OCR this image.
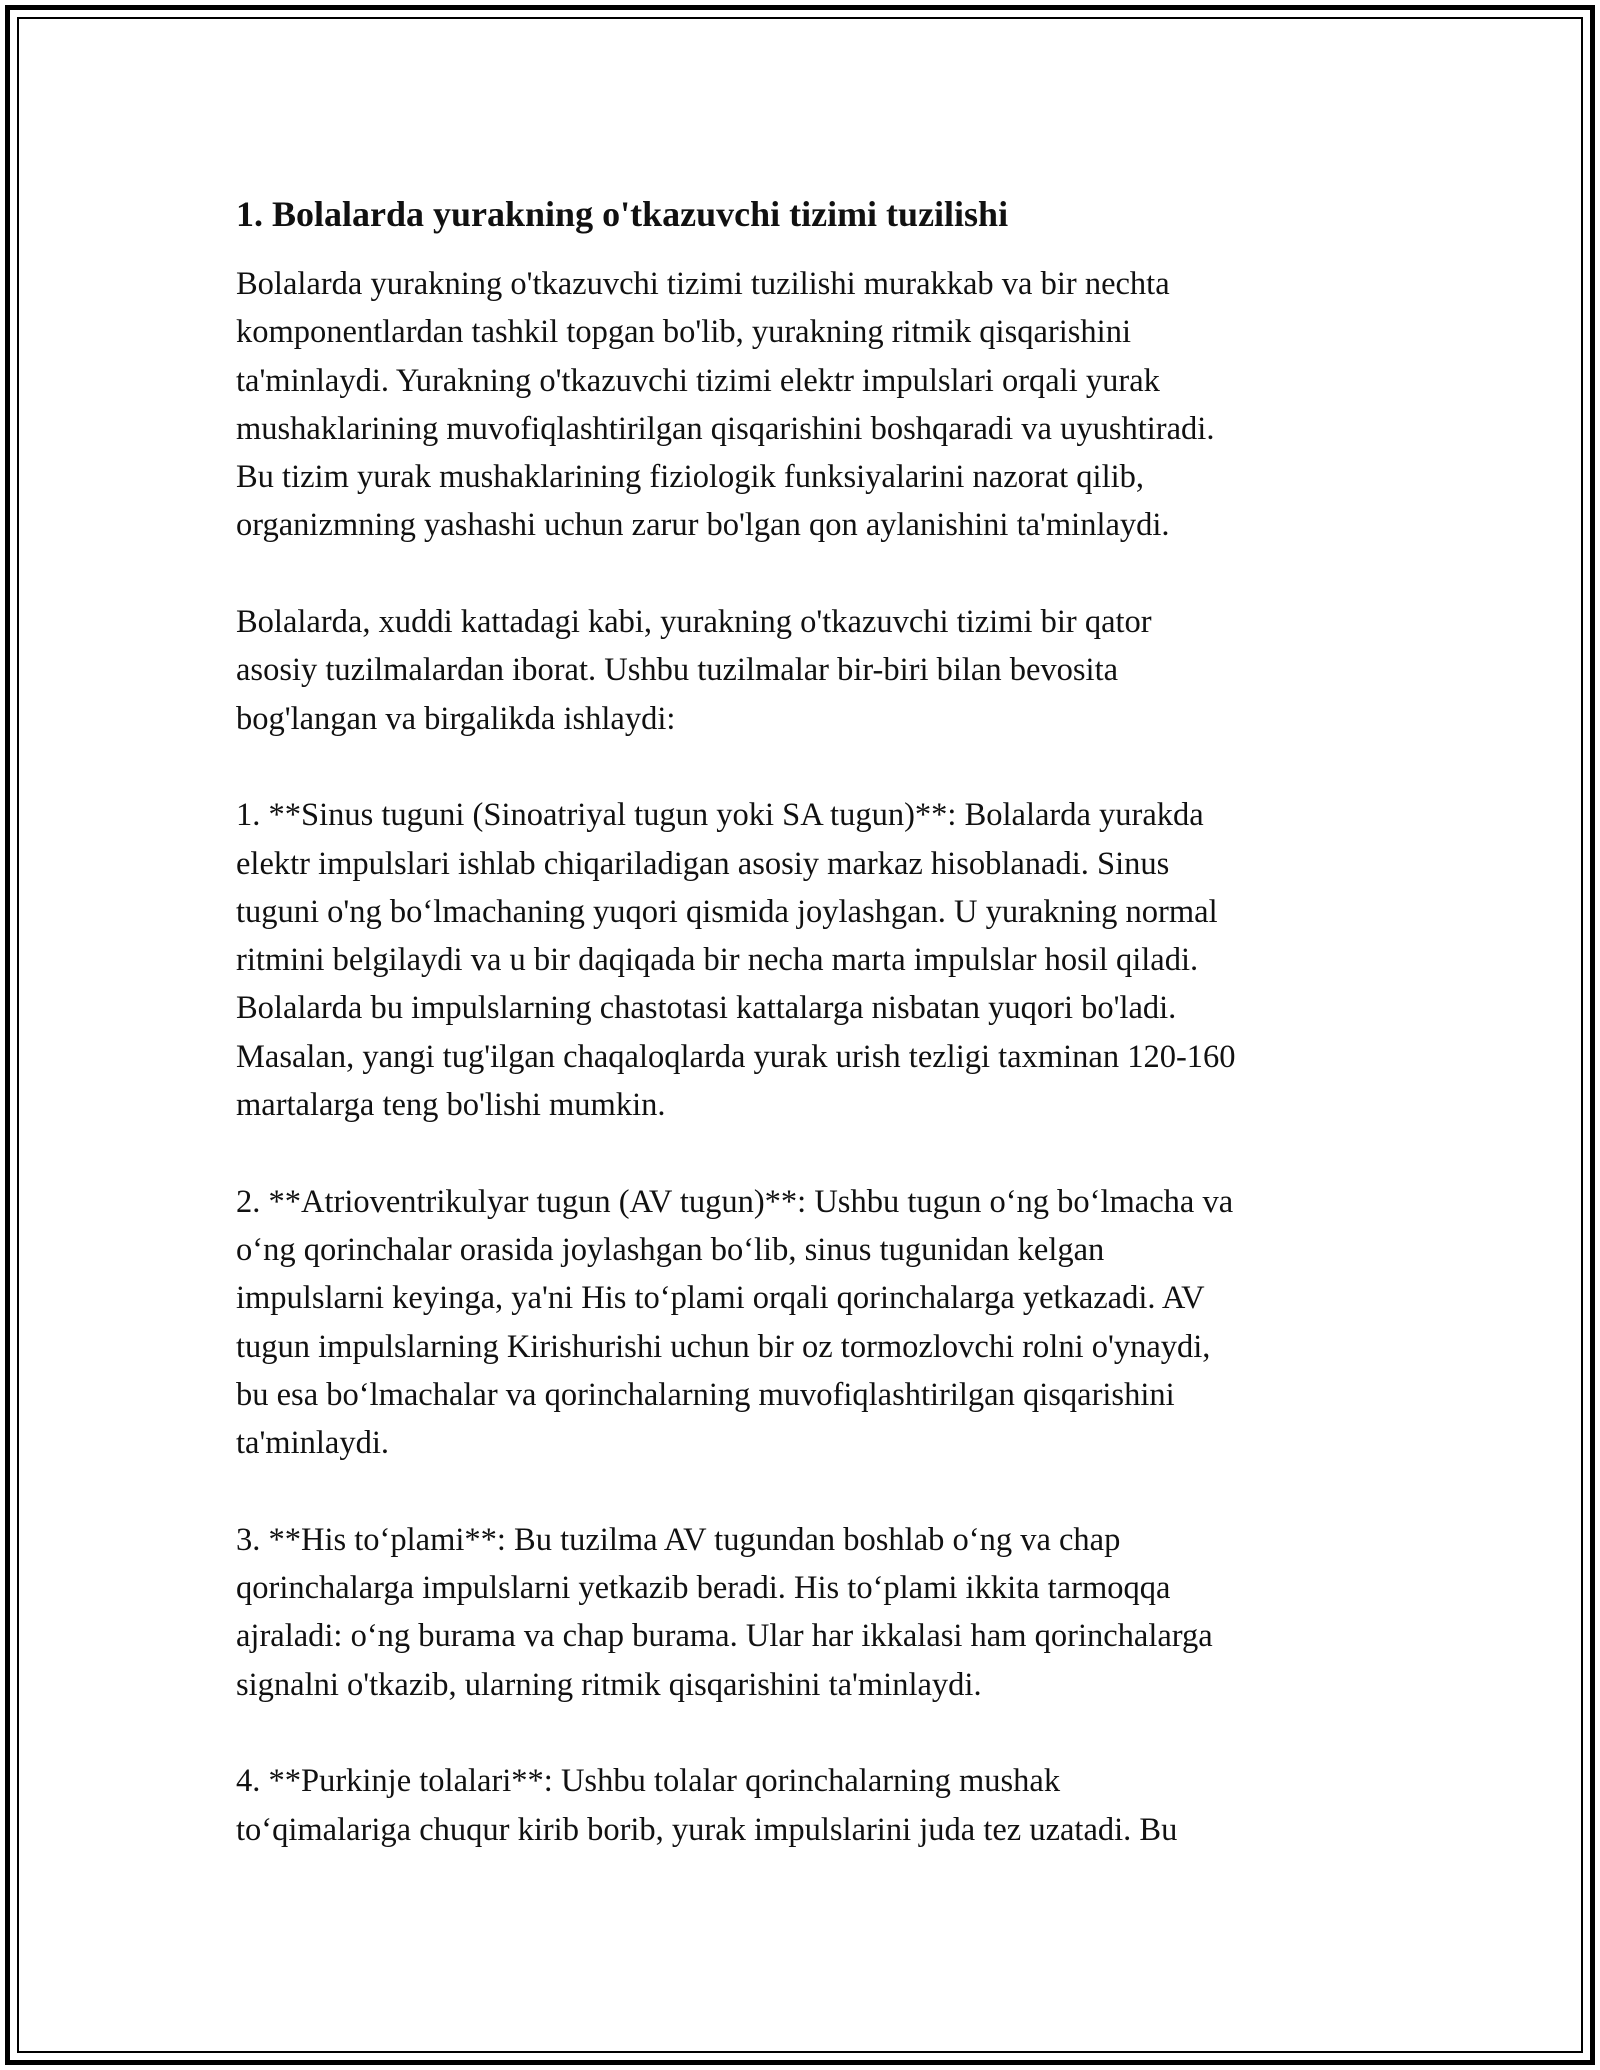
1. Bolalarda yurakning o'tkazuvchi tizimi tuzilishi

Bolalarda yurakning o'tkazuvchi tizimi tuzilishi murakkab va bir nechta
komponentlardan tashkil topgan bo'lib, yurakning ritmik qisqarishini
ta'minlaydi. Yurakning o'tkazuvchi tizimi elektr impulslari orqali yurak
mushaklarining muvofiqlashtirilgan qisqarishini boshqaradi va uyushtiradi.
Bu tizim yurak mushaklarining fiziologik funksiyalarini nazorat qilib,
organizmning yashashi uchun zarur bo'lgan qon aylanishini ta'minlaydi.

Bolalarda, xuddi kattadagi kabi, yurakning o'tkazuvchi tizimi bir qator
asosiy tuzilmalardan iborat. Ushbu tuzilmalar bir-biri bilan bevosita
bog'langan va birgalikda ishlaydi:

1. **Sinus tuguni (Sinoatriyal tugun yoki SA tugun)**: Bolalarda yurakda
elektr impulslari ishlab chiqariladigan asosiy markaz hisoblanadi. Sinus
tuguni o'ng bo‘lmachaning yuqori qismida joylashgan. U yurakning normal
ritmini belgilaydi va u bir daqiqada bir necha marta impulslar hosil qiladi.
Bolalarda bu impulslarning chastotasi kattalarga nisbatan yuqori bo'ladi.
Masalan, yangi tug'ilgan chaqaloqlarda yurak urish tezligi taxminan 120-160
martalarga teng bo'lishi mumkin.

2. **Atrioventrikulyar tugun (AV tugun)**: Ushbu tugun o‘ng bo‘lmacha va
o‘ng qorinchalar orasida joylashgan bo‘lib, sinus tugunidan kelgan
impulslarni keyinga, ya'ni His to‘plami orqali qorinchalarga yetkazadi. AV
tugun impulslarning Kirishurishi uchun bir oz tormozlovchi rolni o'ynaydi,
bu esa bo‘lmachalar va qorinchalarning muvofiqlashtirilgan qisqarishini
ta'minlaydi.

3. **His to‘plami**: Bu tuzilma AV tugundan boshlab o‘ng va chap
qorinchalarga impulslarni yetkazib beradi. His to‘plami ikkita tarmoqqa
ajraladi: o‘ng burama va chap burama. Ular har ikkalasi ham qorinchalarga
signalni o'tkazib, ularning ritmik qisqarishini ta'minlaydi.

4. **Purkinje tolalari**: Ushbu tolalar qorinchalarning mushak
to‘qimalariga chuqur kirib borib, yurak impulslarini juda tez uzatadi. Bu
